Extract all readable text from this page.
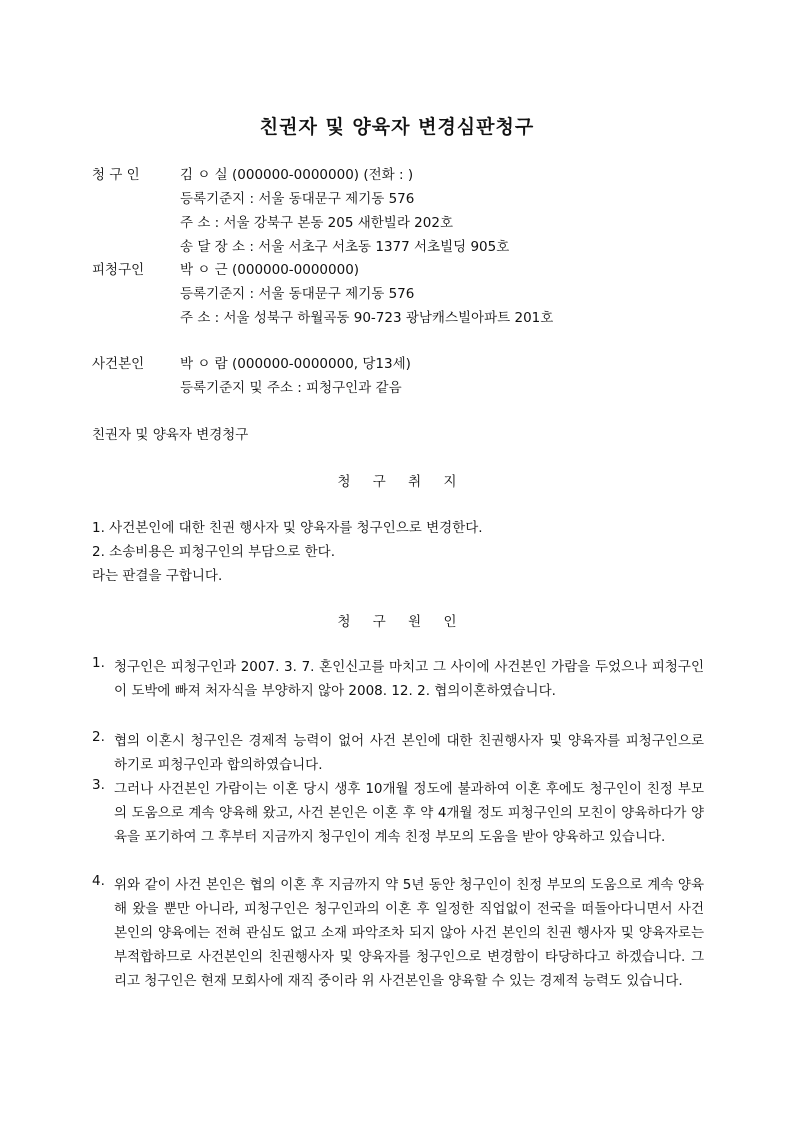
친권자 및 양육자 변경심판청구
청 구 인	김 ㅇ 실 (000000-0000000) (전화 : )
등록기준지 : 서울 동대문구 제기동 576
주 소 : 서울 강북구 본동 205 새한빌라 202호
송 달 장 소 : 서울 서초구 서초동 1377 서초빌딩 905호
피청구인	박 ㅇ 근 (000000-0000000)
등록기준지 : 서울 동대문구 제기동 576
주 소 : 서울 성북구 하월곡동 90-723 광남캐스빌아파트 201호
사건본인	박 ㅇ 람 (000000-0000000, 당13세)
등록기준지 및 주소 : 피청구인과 같음
친권자 및 양육자 변경청구
청 구 취 지
1. 사건본인에 대한 친권 행사자 및 양육자를 청구인으로 변경한다.
2. 소송비용은 피청구인의 부담으로 한다.
라는 판결을 구합니다.
청 구 원 인
1. 청구인은 피청구인과 2007. 3. 7. 혼인신고를 마치고 그 사이에 사건본인 가람을 두었으나 피청구인이 도박에 빠져 처자식을 부양하지 않아 2008. 12. 2. 협의이혼하였습니다.
2. 협의 이혼시 청구인은 경제적 능력이 없어 사건 본인에 대한 친권행사자 및 양육자를 피청구인으로 하기로 피청구인과 합의하였습니다.
3. 그러나 사건본인 가람이는 이혼 당시 생후 10개월 정도에 불과하여 이혼 후에도 청구인이 친정 부모의 도움으로 계속 양육해 왔고, 사건 본인은 이혼 후 약 4개월 정도 피청구인의 모친이 양육하다가 양육을 포기하여 그 후부터 지금까지 청구인이 계속 친정 부모의 도움을 받아 양육하고 있습니다.
4. 위와 같이 사건 본인은 협의 이혼 후 지금까지 약 5년 동안 청구인이 친정 부모의 도움으로 계속 양육해 왔을 뿐만 아니라, 피청구인은 청구인과의 이혼 후 일정한 직업없이 전국을 떠돌아다니면서 사건 본인의 양육에는 전혀 관심도 없고 소재 파악조차 되지 않아 사건 본인의 친권 행사자 및 양육자로는 부적합하므로 사건본인의 친권행사자 및 양육자를 청구인으로 변경함이 타당하다고 하겠습니다. 그리고 청구인은 현재 모회사에 재직 중이라 위 사건본인을 양육할 수 있는 경제적 능력도 있습니다.
